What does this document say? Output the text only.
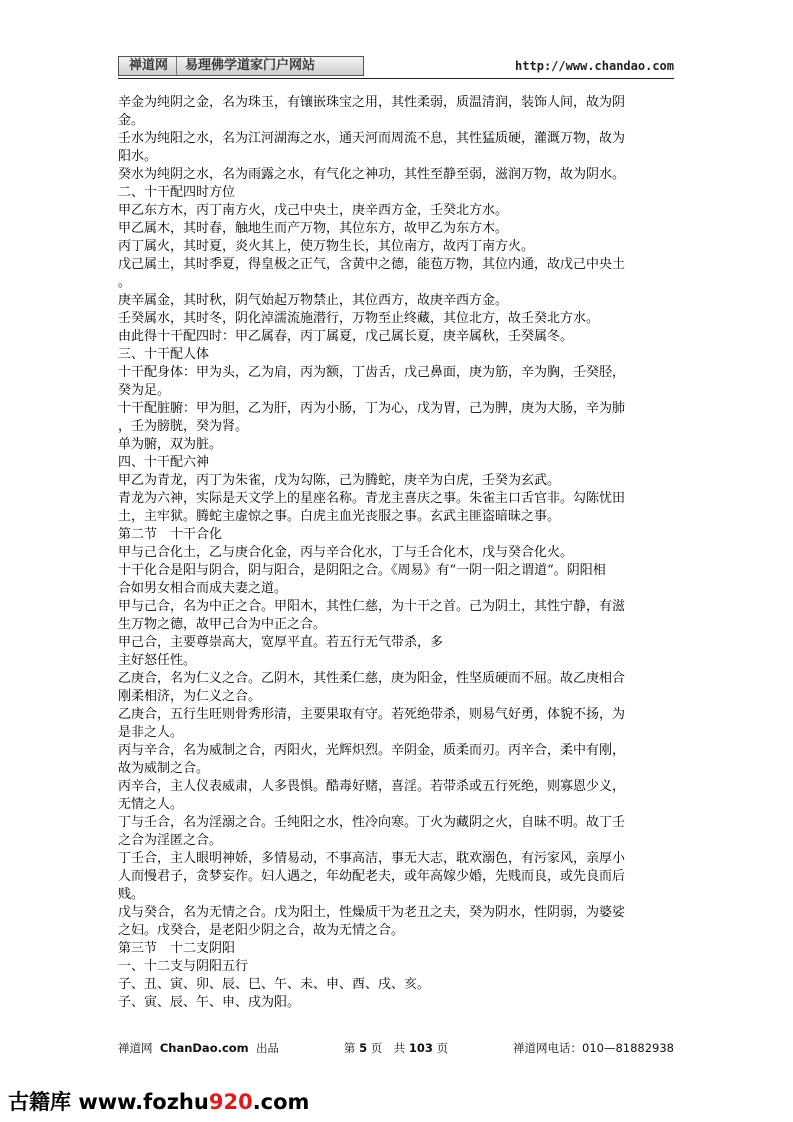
禅道网	易理佛学道家门户网站	http://www.chandao.com

辛金为纯阴之金，名为珠玉，有镶嵌珠宝之用，其性柔弱，质温清润，装饰人间，故为阴

金。

壬水为纯阳之水，名为江河湖海之水，通天河而周流不息，其性猛质硬，灌溉万物，故为

阳水。

癸水为纯阴之水，名为雨露之水，有气化之神功，其性至静至弱，滋润万物，故为阴水。

二、十干配四时方位

甲乙东方木，丙丁南方火，戊己中央土，庚辛西方金，壬癸北方水。

甲乙属木，其时春，触地生而产万物，其位东方，故甲乙为东方木。

丙丁属火，其时夏，炎火其上，使万物生长，其位南方，故丙丁南方火。

戊己属土，其时季夏，得皇极之正气，含黄中之德，能苞万物，其位内通，故戊己中央土

。

庚辛属金，其时秋，阴气始起万物禁止，其位西方，故庚辛西方金。

壬癸属水，其时冬，阴化淖濡流施潜行，万物至止终藏，其位北方，故壬癸北方水。

由此得十干配四时：甲乙属春，丙丁属夏，戊己属长夏，庚辛属秋，壬癸属冬。

三、十干配人体

十干配身体：甲为头，乙为肩，丙为额，丁齿舌，戊己鼻面，庚为筋，辛为胸，壬癸胫，

癸为足。

十干配脏腑：甲为胆，乙为肝，丙为小肠，丁为心，戊为胃，己为脾，庚为大肠，辛为肺

，壬为膀胱，癸为肾。

单为腑，双为脏。

四、十干配六神

甲乙为青龙，丙丁为朱雀，戊为勾陈，己为腾蛇，庚辛为白虎，壬癸为玄武。

青龙为六神，实际是天文学上的星座名称。青龙主喜庆之事。朱雀主口舌官非。勾陈忧田

土，主牢狱。腾蛇主虚惊之事。白虎主血光丧服之事。玄武主匪盗暗昧之事。

第二节　十干合化

甲与己合化土，乙与庚合化金，丙与辛合化水，丁与壬合化木，戊与癸合化火。

十干化合是阳与阴合，阴与阳合，是阴阳之合。《周易》有“一阴一阳之谓道“。阴阳相

合如男女相合而成夫妻之道。

甲与己合，名为中正之合。甲阳木，其性仁慈，为十干之首。己为阴土，其性宁静，有滋

生万物之德，故甲己合为中正之合。

甲己合，主要尊崇高大，宽厚平直。若五行无气带杀，多

主好怒任性。

乙庚合，名为仁义之合。乙阴木，其性柔仁慈，庚为阳金，性坚质硬而不屈。故乙庚相合

刚柔相济，为仁义之合。

乙庚合，五行生旺则骨秀形清，主要果取有守。若死绝带杀，则易气好勇，体貌不扬，为

是非之人。

丙与辛合，名为威制之合，丙阳火，光辉炽烈。辛阴金，质柔而刃。丙辛合，柔中有刚，

故为威制之合。

丙辛合，主人仪表威肃，人多畏惧。酷毒好赌，喜淫。若带杀或五行死绝，则寡恩少义，

无情之人。

丁与壬合，名为淫溺之合。壬纯阳之水，性冷向寒。丁火为藏阴之火，自昧不明。故丁壬

之合为淫匿之合。

丁壬合，主人眼明神娇，多情易动，不事高洁，事无大志，耽欢溺色，有污家风，亲厚小

人而慢君子，贪梦妄作。妇人遇之，年幼配老夫，或年高嫁少婚，先贱而良，或先良而后

贱。

戊与癸合，名为无情之合。戊为阳土，性燥质干为老丑之夫，癸为阴水，性阴弱，为婆娑

之妇。戊癸合，是老阳少阴之合，故为无情之合。

第三节　十二支阴阳

一、十二支与阴阳五行

子、丑、寅、卯、辰、巳、午、未、申、酉、戌、亥。

子、寅、辰、午、申、戌为阳。

禅道网 ChanDao.com 出品	第 5 页　共 103 页	禅道网电话：010—81882938
古籍库 www.fozhu920.com
